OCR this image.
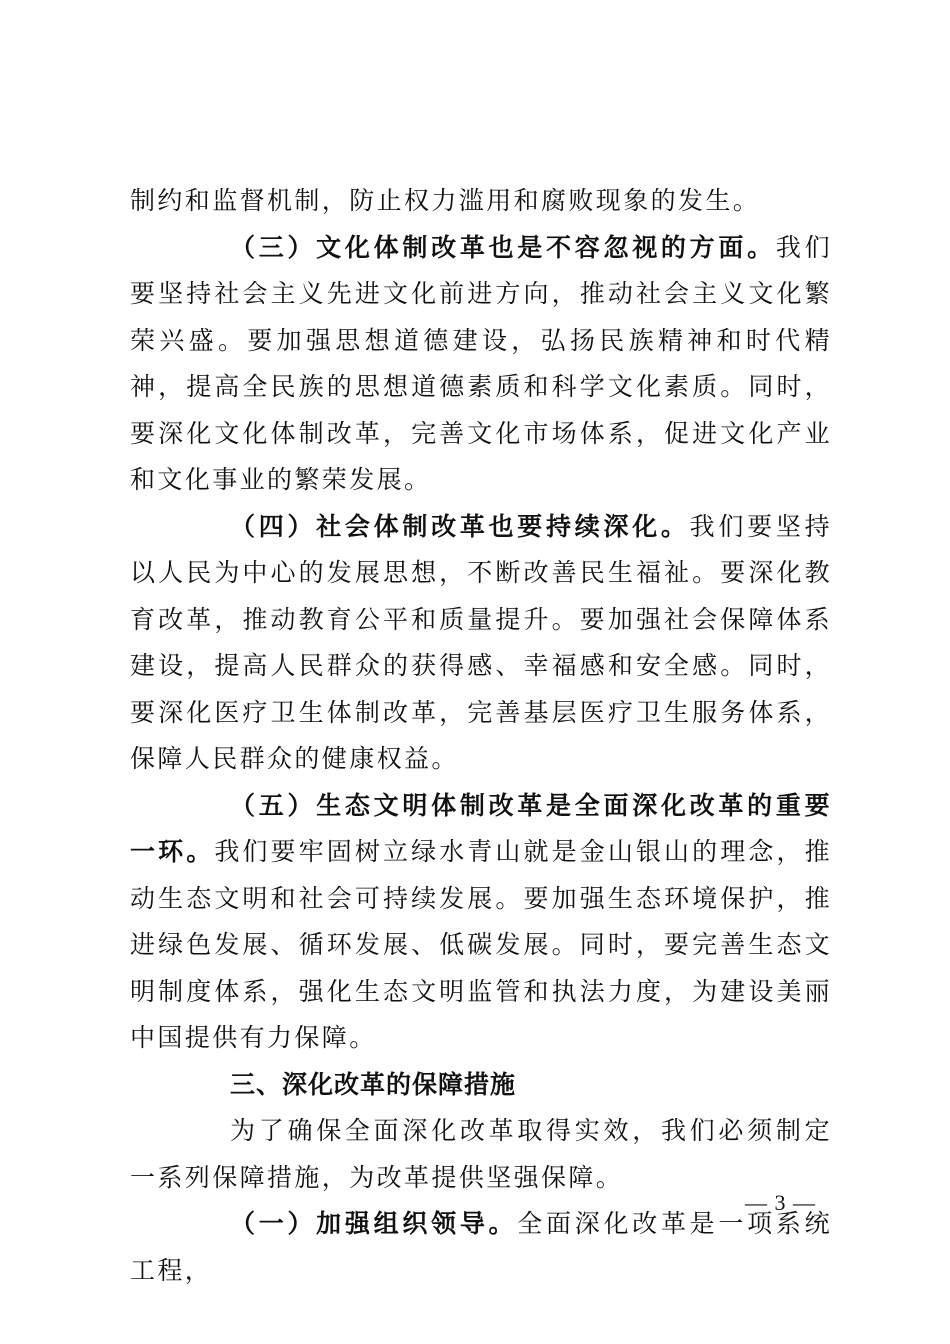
制约和监督机制，防止权力滥用和腐败现象的发生。

（三）文化体制改革也是不容忽视的方面。我们要坚持社会主义先进文化前进方向，推动社会主义文化繁荣兴盛。要加强思想道德建设，弘扬民族精神和时代精神，提高全民族的思想道德素质和科学文化素质。同时，要深化文化体制改革，完善文化市场体系，促进文化产业和文化事业的繁荣发展。

（四）社会体制改革也要持续深化。我们要坚持以人民为中心的发展思想，不断改善民生福祉。要深化教育改革，推动教育公平和质量提升。要加强社会保障体系建设，提高人民群众的获得感、幸福感和安全感。同时，要深化医疗卫生体制改革，完善基层医疗卫生服务体系，保障人民群众的健康权益。

（五）生态文明体制改革是全面深化改革的重要一环。我们要牢固树立绿水青山就是金山银山的理念，推动生态文明和社会可持续发展。要加强生态环境保护，推进绿色发展、循环发展、低碳发展。同时，要完善生态文明制度体系，强化生态文明监管和执法力度，为建设美丽中国提供有力保障。

三、深化改革的保障措施

为了确保全面深化改革取得实效，我们必须制定一系列保障措施，为改革提供坚强保障。

（一）加强组织领导。全面深化改革是一项系统工程，

— 3 —
